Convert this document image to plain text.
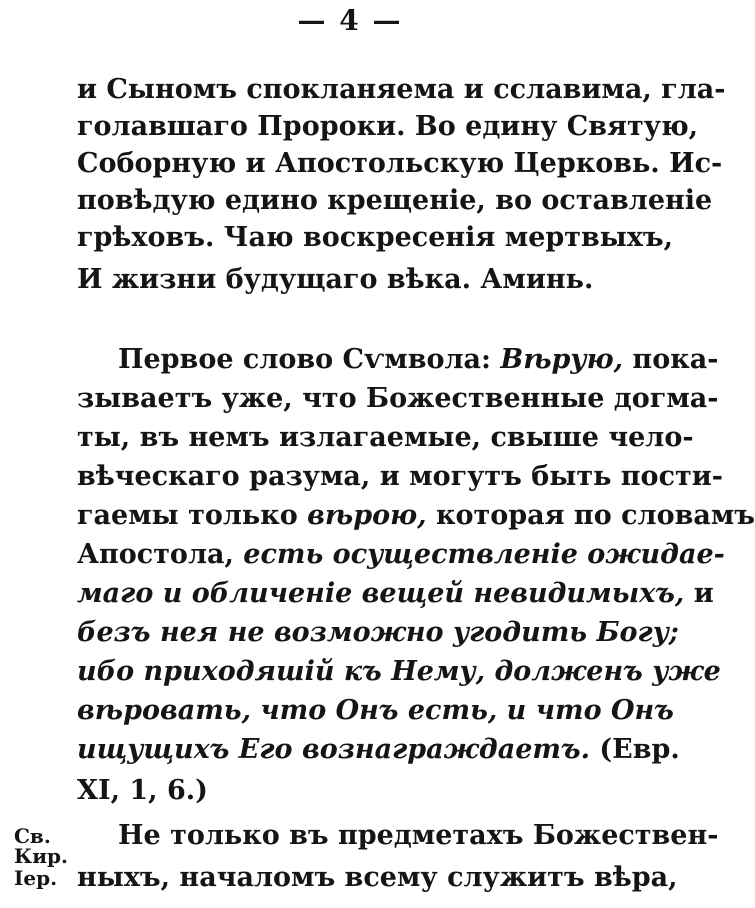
— 4 —
и Сыномъ спокланяема и сславима, гла-
голавшаго Пророки. Во едину Святую,
Соборную и Апостольскую Церковь. Ис-
повѣдую едино крещеніе, во оставленіе
грѣховъ. Чаю воскресенія мертвыхъ,
И жизни будущаго вѣка. Аминь.
Первое слово Сѵмвола: Вѣрую, пока-
зываетъ уже, что Божественные догма-
ты, въ немъ излагаемые, свыше чело-
вѣческаго разума, и могутъ быть пости-
гаемы только вѣрою, которая по словамъ
Апостола, есть осуществленіе ожидае-
маго и обличеніе вещей невидимыхъ, и
безъ нея не возможно угодить Богу;
ибо приходяшій къ Нему, долженъ уже
вѣровать, что Онъ есть, и что Онъ
ищущихъ Его вознаграждаетъ. (Евр.
XI, 1, 6.)
Св.
Кир.
Іер.
Не только въ предметахъ Божествен-
ныхъ, началомъ всему служитъ вѣра,
